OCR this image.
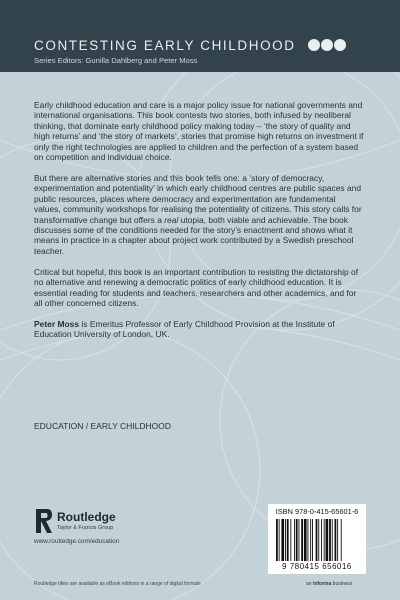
CONTESTING EARLY CHILDHOOD
Series Editors: Gunilla Dahlberg and Peter Moss

Early childhood education and care is a major policy issue for national governments and international organisations. This book contests two stories, both infused by neoliberal thinking, that dominate early childhood policy making today – ‘the story of quality and high returns’ and ‘the story of markets’, stories that promise high returns on investment if only the right technologies are applied to children and the perfection of a system based on competition and individual choice.

But there are alternative stories and this book tells one: a ‘story of democracy, experimentation and potentiality’ in which early childhood centres are public spaces and public resources, places where democracy and experimentation are fundamental values, community workshops for realising the potentiality of citizens. This story calls for transformative change but offers a real utopia, both viable and achievable. The book discusses some of the conditions needed for the story’s enactment and shows what it means in practice in a chapter about project work contributed by a Swedish preschool teacher.

Critical but hopeful, this book is an important contribution to resisting the dictatorship of no alternative and renewing a democratic politics of early childhood education. It is essential reading for students and teachers, researchers and other academics, and for all other concerned citizens.

Peter Moss is Emeritus Professor of Early Childhood Provision at the Institute of Education University of London, UK.

EDUCATION / EARLY CHILDHOOD
Routledge
Taylor & Francis Group
www.routledge.com/education
Routledge titles are available as eBook editions in a range of digital formats
ISBN 978-0-415-65601-6
9 780415 656016
an informa business
